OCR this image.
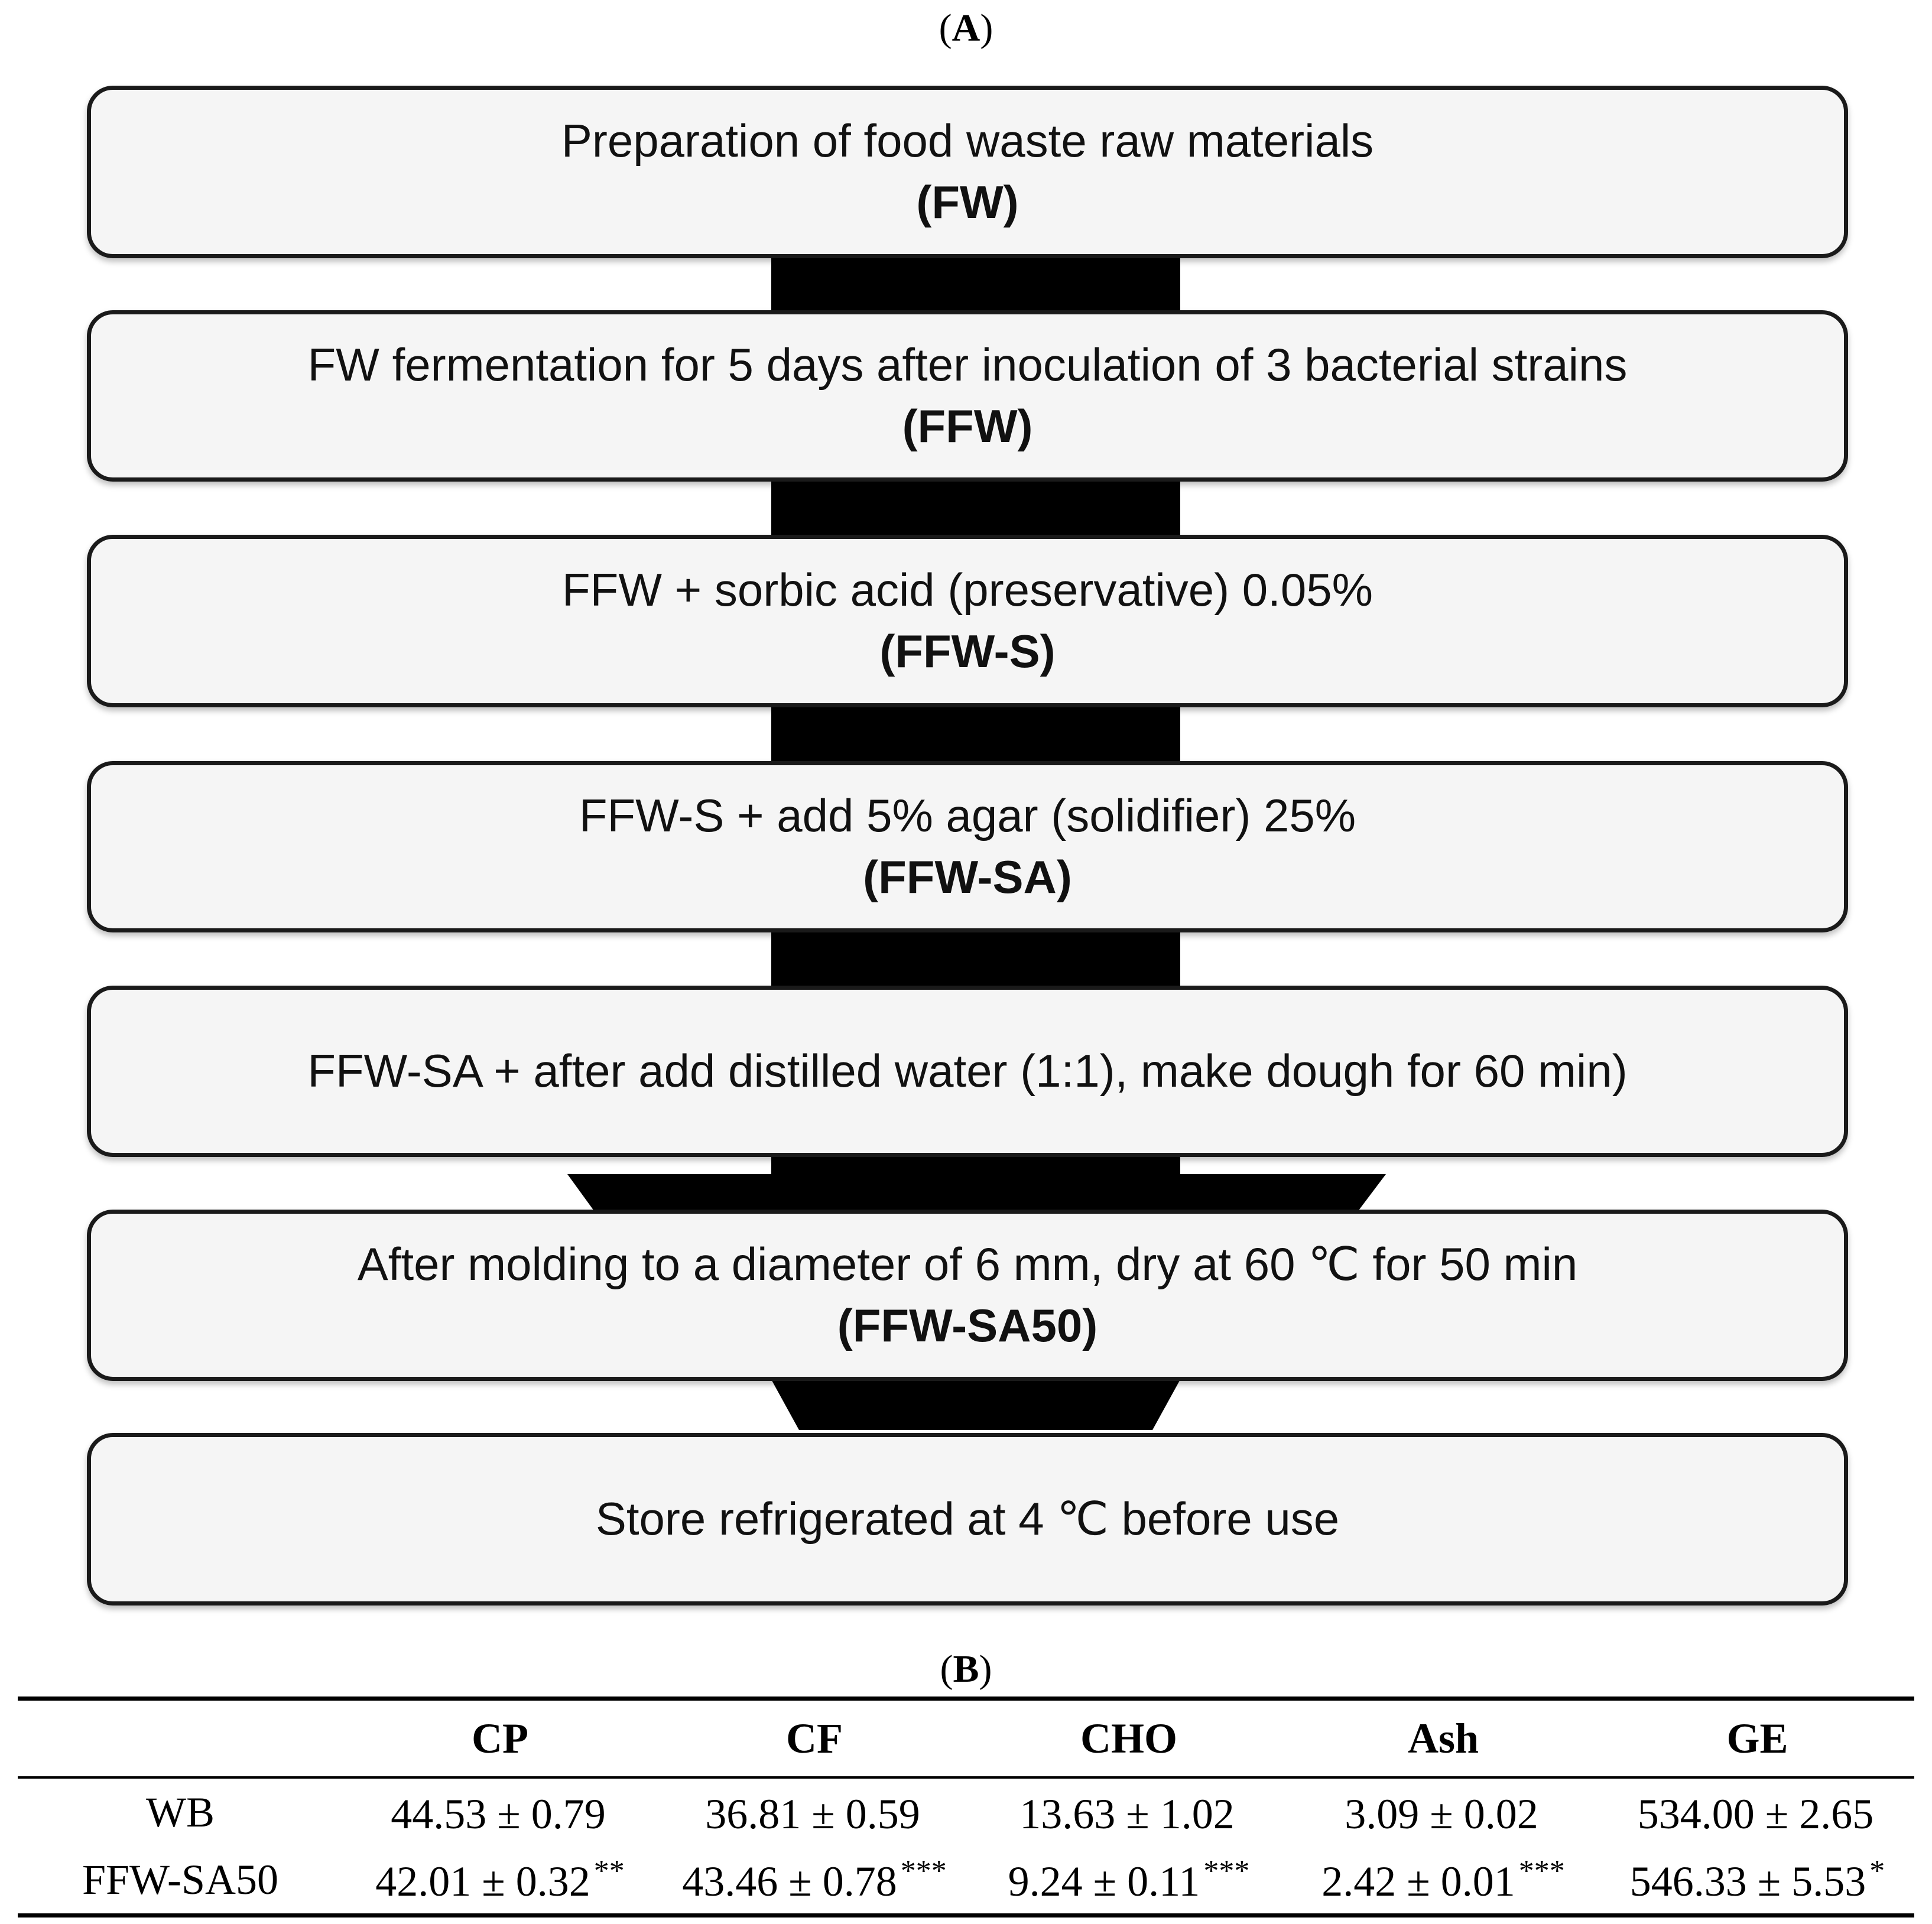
(A)
Preparation of food waste raw materials
(FW)
FW fermentation for 5 days after inoculation of 3 bacterial strains
(FFW)
FFW + sorbic acid (preservative) 0.05%
(FFW-S)
FFW-S + add 5% agar (solidifier) 25%
(FFW-SA)
FFW-SA + after add distilled water (1:1), make dough for 60 min)
After molding to a diameter of 6 mm, dry at 60 ℃ for 50 min
(FFW-SA50)
Store refrigerated at 4 ℃ before use
(B)
	CP	CF	CHO	Ash	GE
WB	44.53 ± 0.79	36.81 ± 0.59	13.63 ± 1.02	3.09 ± 0.02	534.00 ± 2.65
FFW-SA50	42.01 ± 0.32 **	43.46 ± 0.78 ***	9.24 ± 0.11 ***	2.42 ± 0.01 ***	546.33 ± 5.53 *
